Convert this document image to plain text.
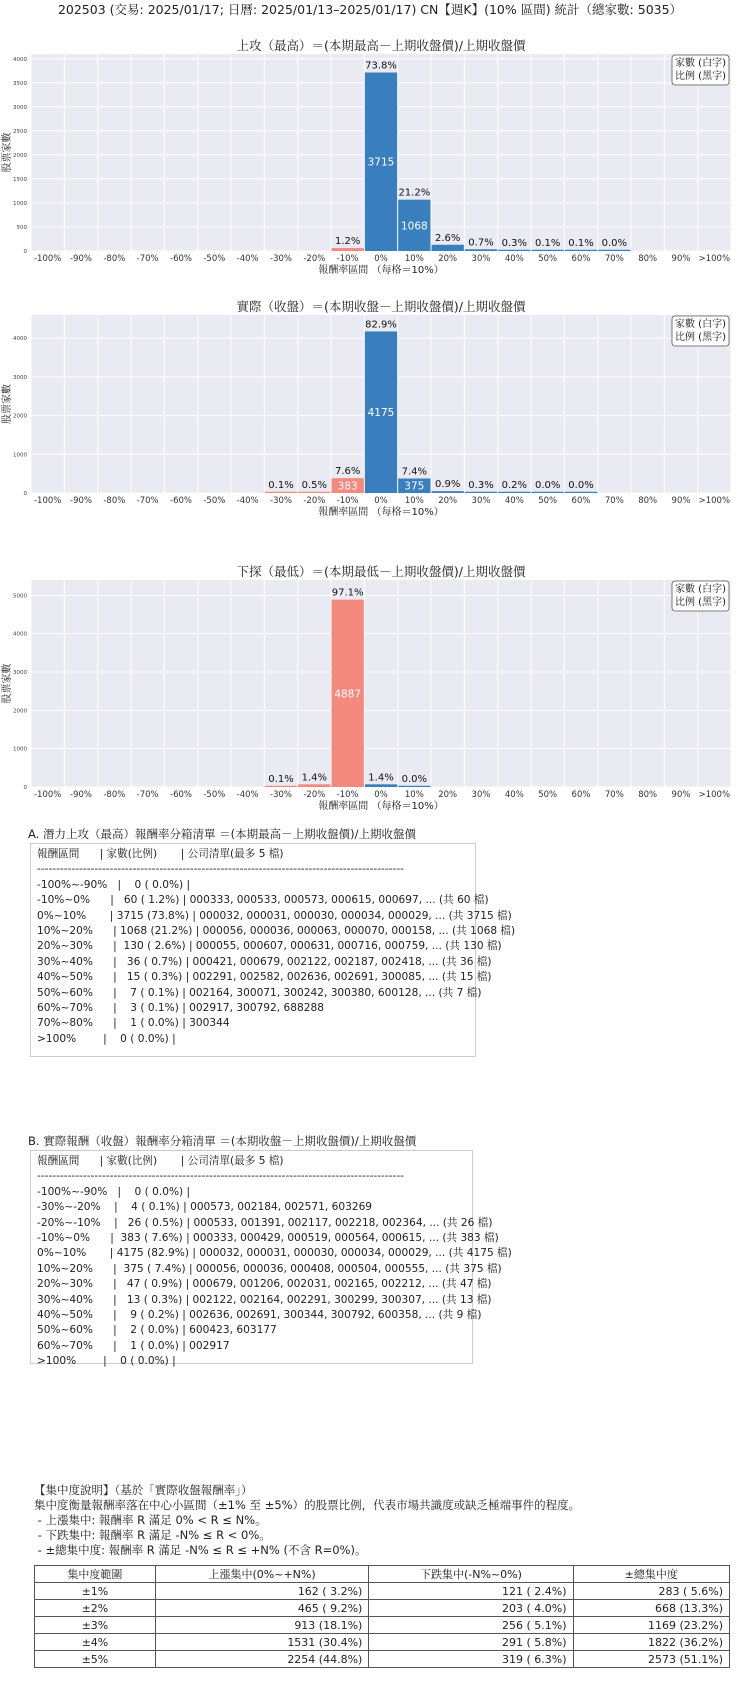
202503 (交易: 2025/01/17; 日曆: 2025/01/13–2025/01/17) CN【週K】(10% 區間) 統計（總家數: 5035）
上攻（最高）＝(本期最高－上期收盤價)/上期收盤價
0
500
1000
1500
2000
2500
3000
3500
4000
-100% -90% -80% -70% -60% -50% -40% -30% -20% -10% 0% 10% 20% 30% 40% 50% 60% 70% 80% 90% >100%
報酬率區間 （每格＝10%）
股票家數
1.2%
73.8%
3715
21.2%
1068
2.6% 0.7% 0.3% 0.1% 0.1% 0.0%
家數 (白字)
比例 (黑字)
實際（收盤）＝(本期收盤－上期收盤價)/上期收盤價
0
1000
2000
3000
4000
-100% -90% -80% -70% -60% -50% -40% -30% -20% -10% 0% 10% 20% 30% 40% 50% 60% 70% 80% 90% >100%
報酬率區間 （每格＝10%）
股票家數
0.1% 0.5%
7.6%
383
82.9%
4175
7.4%
375 0.9% 0.3% 0.2% 0.0% 0.0%
家數 (白字)
比例 (黑字)
下探（最低）＝(本期最低－上期收盤價)/上期收盤價
0
1000
2000
3000
4000
5000
-100% -90% -80% -70% -60% -50% -40% -30% -20% -10% 0% 10% 20% 30% 40% 50% 60% 70% 80% 90% >100%
報酬率區間 （每格＝10%）
股票家數
0.1% 1.4%
97.1%
4887
1.4% 0.0%
家數 (白字)
比例 (黑字)
A. 潛力上攻（最高）報酬率分箱清單 ＝(本期最高－上期收盤價)/上期收盤價
報酬區間      | 家數(比例)       | 公司清單(最多 5 檔)
------------------------------------------------------------------------------------------------
-100%~-90%   |    0 ( 0.0%) |
-10%~0%      |   60 ( 1.2%) | 000333, 000533, 000573, 000615, 000697, ... (共 60 檔)
0%~10%       | 3715 (73.8%) | 000032, 000031, 000030, 000034, 000029, ... (共 3715 檔)
10%~20%      | 1068 (21.2%) | 000056, 000036, 000063, 000070, 000158, ... (共 1068 檔)
20%~30%      |  130 ( 2.6%) | 000055, 000607, 000631, 000716, 000759, ... (共 130 檔)
30%~40%      |   36 ( 0.7%) | 000421, 000679, 002122, 002187, 002418, ... (共 36 檔)
40%~50%      |   15 ( 0.3%) | 002291, 002582, 002636, 002691, 300085, ... (共 15 檔)
50%~60%      |    7 ( 0.1%) | 002164, 300071, 300242, 300380, 600128, ... (共 7 檔)
60%~70%      |    3 ( 0.1%) | 002917, 300792, 688288
70%~80%      |    1 ( 0.0%) | 300344
>100%        |    0 ( 0.0%) |
B. 實際報酬（收盤）報酬率分箱清單 ＝(本期收盤－上期收盤價)/上期收盤價
報酬區間      | 家數(比例)       | 公司清單(最多 5 檔)
------------------------------------------------------------------------------------------------
-100%~-90%   |    0 ( 0.0%) |
-30%~-20%    |    4 ( 0.1%) | 000573, 002184, 002571, 603269
-20%~-10%    |   26 ( 0.5%) | 000533, 001391, 002117, 002218, 002364, ... (共 26 檔)
-10%~0%      |  383 ( 7.6%) | 000333, 000429, 000519, 000564, 000615, ... (共 383 檔)
0%~10%       | 4175 (82.9%) | 000032, 000031, 000030, 000034, 000029, ... (共 4175 檔)
10%~20%      |  375 ( 7.4%) | 000056, 000036, 000408, 000504, 000555, ... (共 375 檔)
20%~30%      |   47 ( 0.9%) | 000679, 001206, 002031, 002165, 002212, ... (共 47 檔)
30%~40%      |   13 ( 0.3%) | 002122, 002164, 002291, 300299, 300307, ... (共 13 檔)
40%~50%      |    9 ( 0.2%) | 002636, 002691, 300344, 300792, 600358, ... (共 9 檔)
50%~60%      |    2 ( 0.0%) | 600423, 603177
60%~70%      |    1 ( 0.0%) | 002917
>100%        |    0 ( 0.0%) |
【集中度說明】（基於「實際收盤報酬率」）
集中度衡量報酬率落在中心小區間（±1% 至 ±5%）的股票比例，代表市場共識度或缺乏極端事件的程度。
- 上漲集中: 報酬率 R 滿足 0% < R ≤ N%。
- 下跌集中: 報酬率 R 滿足 -N% ≤ R < 0%。
- ±總集中度: 報酬率 R 滿足 -N% ≤ R ≤ +N% (不含 R=0%)。
集中度範圍	上漲集中(0%~+N%)	下跌集中(-N%~0%)	±總集中度
±1%	162 ( 3.2%)	121 ( 2.4%)	283 ( 5.6%)
±2%	465 ( 9.2%)	203 ( 4.0%)	668 (13.3%)
±3%	913 (18.1%)	256 ( 5.1%)	1169 (23.2%)
±4%	1531 (30.4%)	291 ( 5.8%)	1822 (36.2%)
±5%	2254 (44.8%)	319 ( 6.3%)	2573 (51.1%)
